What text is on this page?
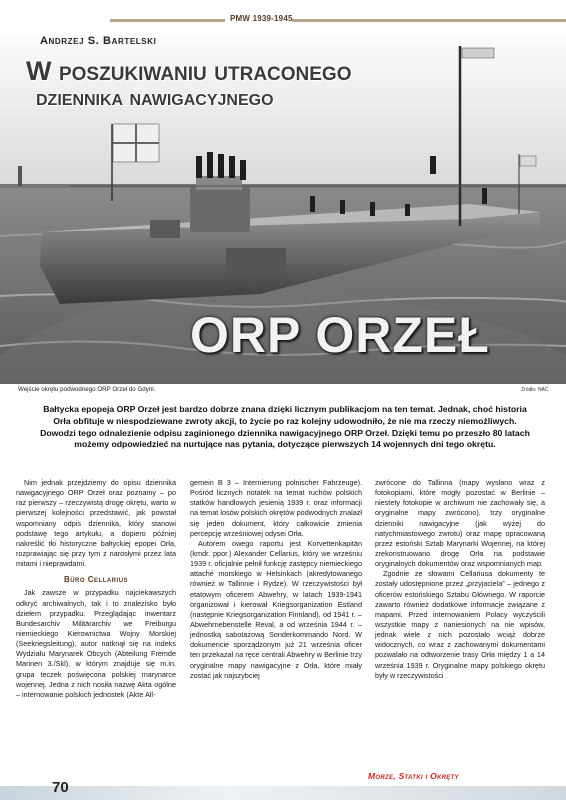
PMW 1939-1945
Andrzej S. Bartelski
W poszukiwaniu utraconego
dziennika nawigacyjnego
ORP ORZEŁ
Wejście okrętu podwodnego ORP Orzeł do Gdyni.	Źródło: NAC
Bałtycka epopeja ORP Orzeł jest bardzo dobrze znana dzięki licznym publikacjom na ten temat. Jednak, choć historia Orła obfituje w niespodziewane zwroty akcji, to życie po raz kolejny udowodniło, że nie ma rzeczy niemożliwych. Dowodzi tego odnalezienie odpisu zaginionego dziennika nawigacyjnego ORP Orzeł. Dzięki temu po przeszło 80 latach możemy odpowiedzieć na nurtujące nas pytania, dotyczące pierwszych 14 wojennych dni tego okrętu.

Nim jednak przejdziemy do opisu dziennika nawigacyjnego ORP Orzeł oraz poznamy – po raz pierwszy – rzeczywistą drogę okrętu, warto w pierwszej kolejności przedstawić, jak powstał wspomniany odpis dziennika, który stanowi podstawę tego artykułu, a dopiero później nakreślić tło historyczne bałtyckiej epopei Orła, rozprawiając się przy tym z narosłymi przez lata mitami i nieprawdami.

Büro Cellarius

Jak zawsze w przypadku najciekawszych odkryć archiwalnych, tak i to znalezisko było dziełem przypadku. Przeglądając inwentarz Bundesarchiv Militärarchiv we Freiburgu niemieckiego Kierownictwa Wojny Morskiej (Seekriegsleitung), autor natknął się na indeks Wydziału Marynarek Obcych (Abteilung Fremde Marinen 3./Skl), w którym znajduje się m.in. grupa teczek poświęcona polskiej marynarce wojennej. Jedna z nich nosiła nazwę Akta ogólne – internowanie polskich jednostek (Akte All-

gemein B 3 – Internierung polnischer Fahrzeuge). Pośród licznych notatek na temat ruchów polskich statków handlowych jesienią 1939 r. oraz informacji na temat losów polskich okrętów podwodnych znalazł się jeden dokument, który całkowicie zmienia percepcję wrześniowej odysei Orła.

Autorem owego raportu jest Korvettenkapitän (kmdr. ppor.) Alexander Cellarius, który we wrześniu 1939 r. oficjalnie pełnił funkcję zastępcy niemieckiego attaché morskiego w Helsinkach (akredytowanego również w Tallinnie i Rydze). W rzeczywistości był etatowym oficerem Abwehry, w latach 1939-1941 organizował i kierował Kriegsorganization Estland (następnie Kriegsorganization Finnland), od 1941 r. – Abwehrnebenstelle Reval, a od września 1944 r. – jednostką sabotażową Sonderkommando Nord. W dokumencie sporządzonym już 21 września oficer ten przekazał na ręce centrali Abwehry w Berlinie trzy oryginalne mapy nawigacyjne z Orła, które miały zostać jak najszybciej

zwrócone do Tallinna (mapy wysłano wraz z fotokopiami, które mogły pozostać w Berlinie – niestety fotokopie w archiwum nie zachowały się, a oryginalne mapy zwrócono), trzy oryginalne dzienniki nawigacyjne (jak wyżej do natychmiastowego zwrotu) oraz mapę opracowaną przez estoński Sztab Marynarki Wojennej, na której zrekonstruowano drogę Orła na podstawie oryginalnych dokumentów oraz wspomnianych map.

Zgodnie ze słowami Cellariusa dokumenty te zostały udostępnione przez „przyjaciela” – jednego z oficerów estońskiego Sztabu Głównego. W raporcie zawarto również dodatkowe informacje związane z mapami. Przed internowaniem Polacy wyczyścili wszystkie mapy z naniesionych na nie wpisów, jednak wiele z nich pozostało wciąż dobrze widocznych, co wraz z zachowanymi dokumentami pozwalało na odtworzenie trasy Orła między 1 a 14 września 1939 r. Oryginalne mapy polskiego okrętu były w rzeczywistości

70
Morze, Statki i Okręty
